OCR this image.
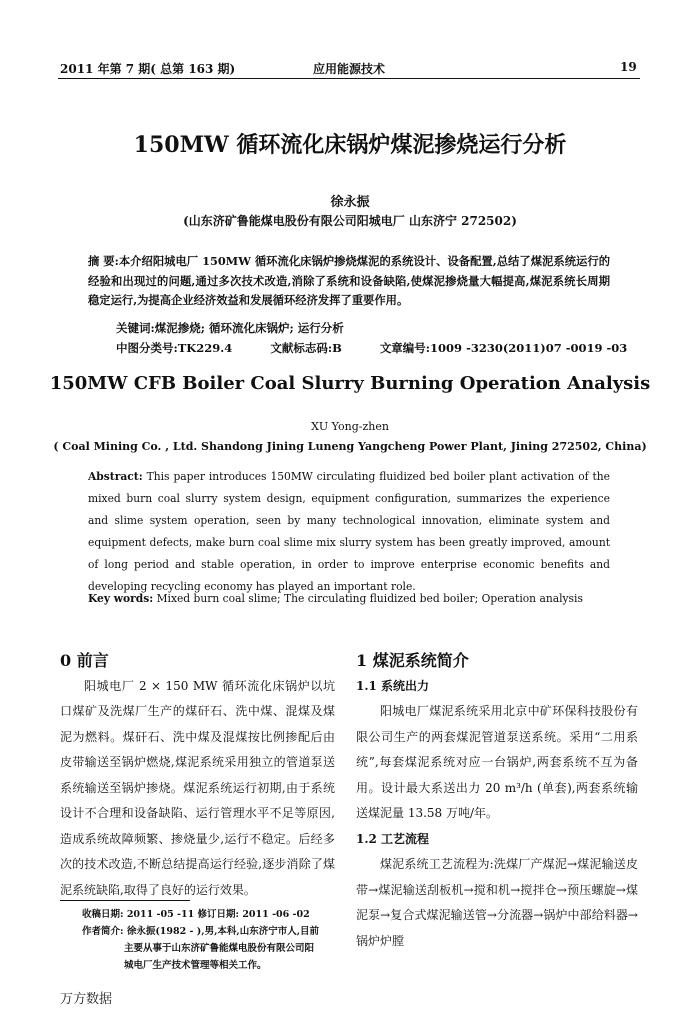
2011 年第 7 期( 总第 163 期)	应用能源技术	19
150MW 循环流化床锅炉煤泥掺烧运行分析
徐永振
(山东济矿鲁能煤电股份有限公司阳城电厂 山东济宁 272502)
摘 要:本介绍阳城电厂 150MW 循环流化床锅炉掺烧煤泥的系统设计、设备配置,总结了煤泥系统运行的经验和出现过的问题,通过多次技术改造,消除了系统和设备缺陷,使煤泥掺烧量大幅提高,煤泥系统长周期稳定运行,为提高企业经济效益和发展循环经济发挥了重要作用。
关键词:煤泥掺烧; 循环流化床锅炉; 运行分析
中图分类号:TK229.4	文献标志码:B	文章编号:1009 -3230(2011)07 -0019 -03
150MW CFB Boiler Coal Slurry Burning Operation Analysis
XU Yong-zhen
( Coal Mining Co. , Ltd. Shandong Jining Luneng Yangcheng Power Plant, Jining 272502, China)
Abstract: This paper introduces 150MW circulating fluidized bed boiler plant activation of the mixed burn coal slurry system design, equipment configuration, summarizes the experience and slime system operation, seen by many technological innovation, eliminate system and equipment defects, make burn coal slime mix slurry system has been greatly improved, amount of long period and stable operation, in order to improve enterprise economic benefits and developing recycling economy has played an important role.
Key words: Mixed burn coal slime; The circulating fluidized bed boiler; Operation analysis
0 前言

阳城电厂 2 × 150 MW 循环流化床锅炉以坑口煤矿及洗煤厂生产的煤矸石、洗中煤、混煤及煤泥为燃料。煤矸石、洗中煤及混煤按比例掺配后由皮带输送至锅炉燃烧,煤泥系统采用独立的管道泵送系统输送至锅炉掺烧。煤泥系统运行初期,由于系统设计不合理和设备缺陷、运行管理水平不足等原因,造成系统故障频繁、掺烧量少,运行不稳定。后经多次的技术改造,不断总结提高运行经验,逐步消除了煤泥系统缺陷,取得了良好的运行效果。

1 煤泥系统简介

1.1 系统出力

阳城电厂煤泥系统采用北京中矿环保科技股份有限公司生产的两套煤泥管道泵送系统。采用“二用系统”,每套煤泥系统对应一台锅炉,两套系统不互为备用。设计最大系送出力 20 m³/h (单套),两套系统输送煤泥量 13.58 万吨/年。

1.2 工艺流程

煤泥系统工艺流程为:洗煤厂产煤泥→煤泥输送皮带→煤泥输送刮板机→搅和机→搅拌仓→预压螺旋→煤泥泵→复合式煤泥输送管→分流器→锅炉中部给料器→锅炉炉膛

收稿日期: 2011 -05 -11 修订日期: 2011 -06 -02

作者简介: 徐永振(1982 - ),男,本科,山东济宁市人,目前

主要从事于山东济矿鲁能煤电股份有限公司阳

城电厂生产技术管理等相关工作。

万方数据
